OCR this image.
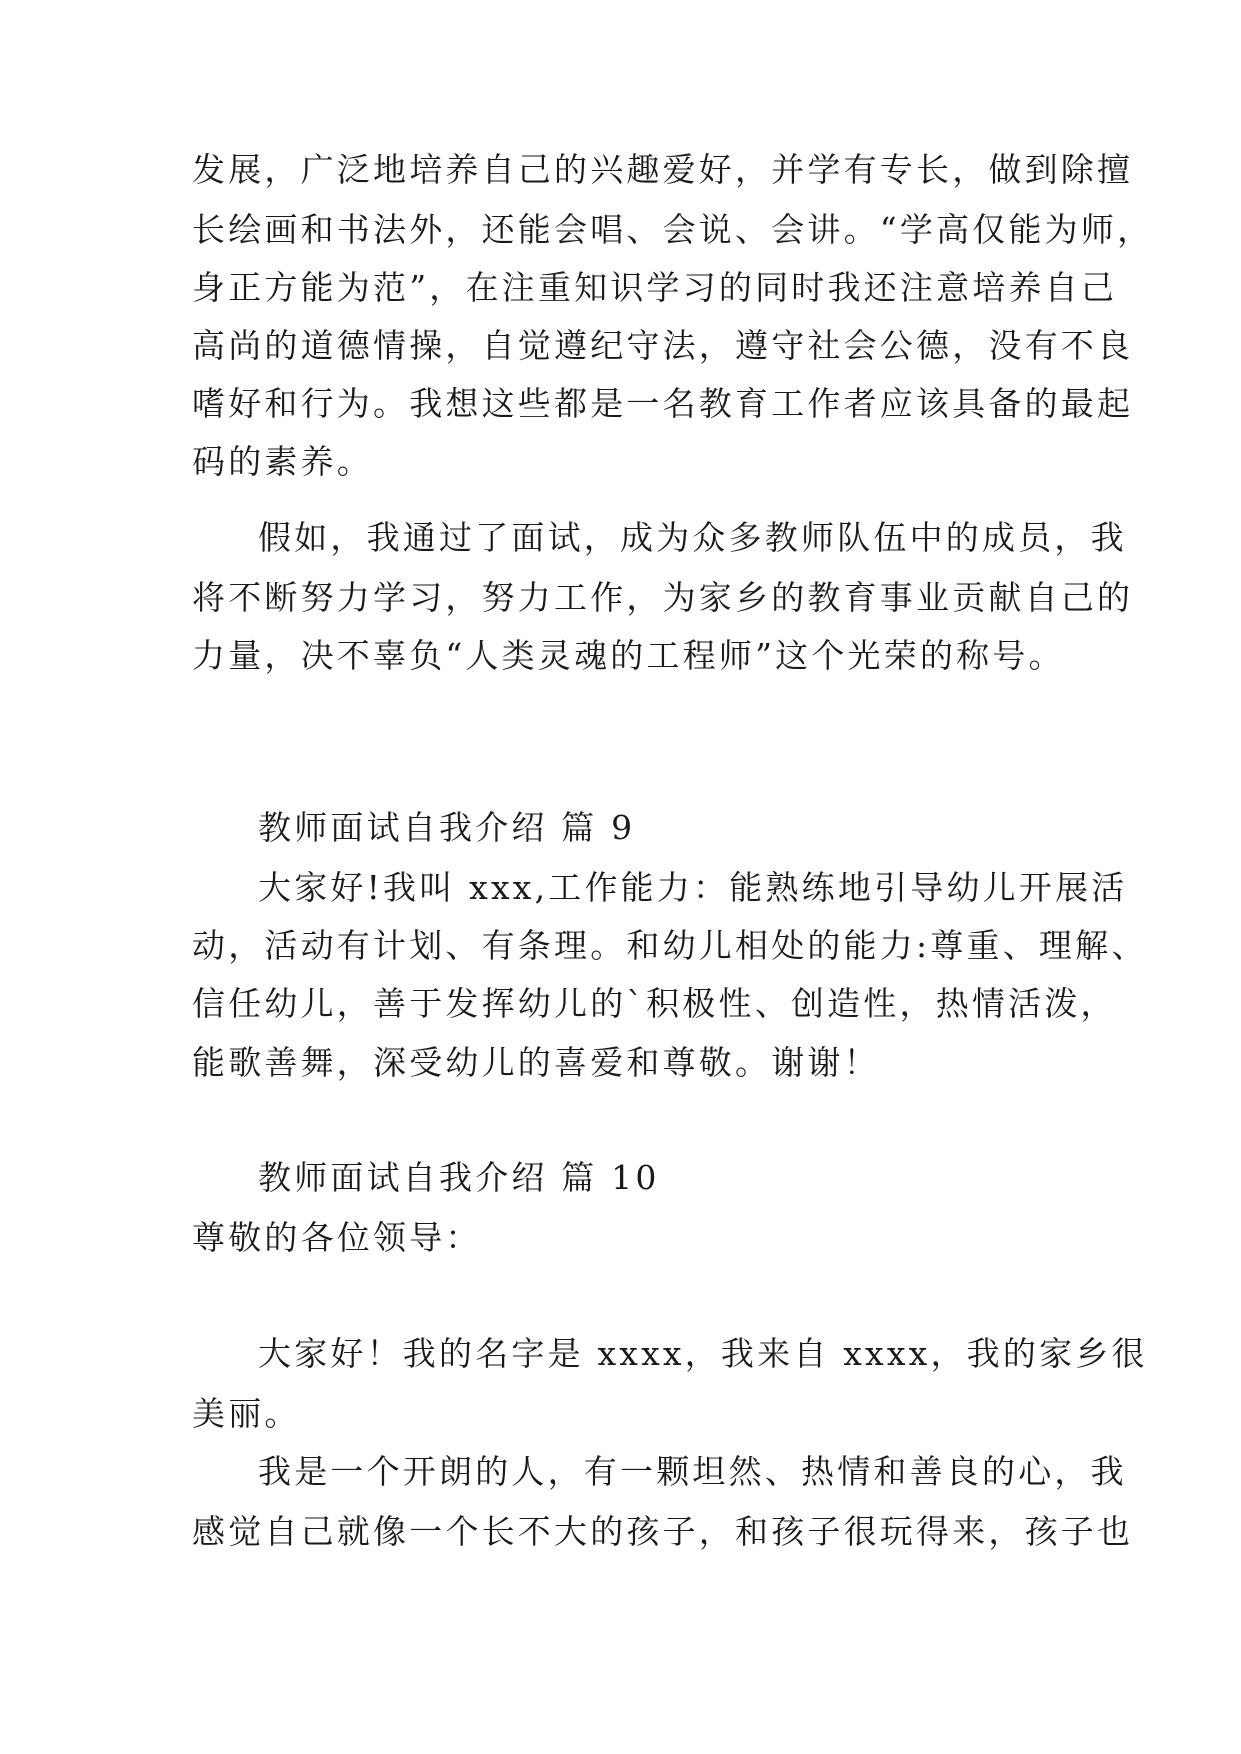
发展，广泛地培养自己的兴趣爱好，并学有专长，做到除擅
长绘画和书法外，还能会唱、会说、会讲。“学高仅能为师，
身正方能为范”，在注重知识学习的同时我还注意培养自己
高尚的道德情操，自觉遵纪守法，遵守社会公德，没有不良
嗜好和行为。我想这些都是一名教育工作者应该具备的最起
码的素养。
假如，我通过了面试，成为众多教师队伍中的成员，我
将不断努力学习，努力工作，为家乡的教育事业贡献自己的
力量，决不辜负“人类灵魂的工程师”这个光荣的称号。
教师面试自我介绍 篇 9
大家好!我叫 xxx,工作能力：能熟练地引导幼儿开展活
动，活动有计划、有条理。和幼儿相处的能力:尊重、理解、
信任幼儿，善于发挥幼儿的`积极性、创造性，热情活泼，
能歌善舞，深受幼儿的喜爱和尊敬。谢谢！
教师面试自我介绍 篇 10
尊敬的各位领导：
大家好！我的名字是 xxxx，我来自 xxxx，我的家乡很
美丽。
我是一个开朗的人，有一颗坦然、热情和善良的心，我
感觉自己就像一个长不大的孩子，和孩子很玩得来，孩子也
